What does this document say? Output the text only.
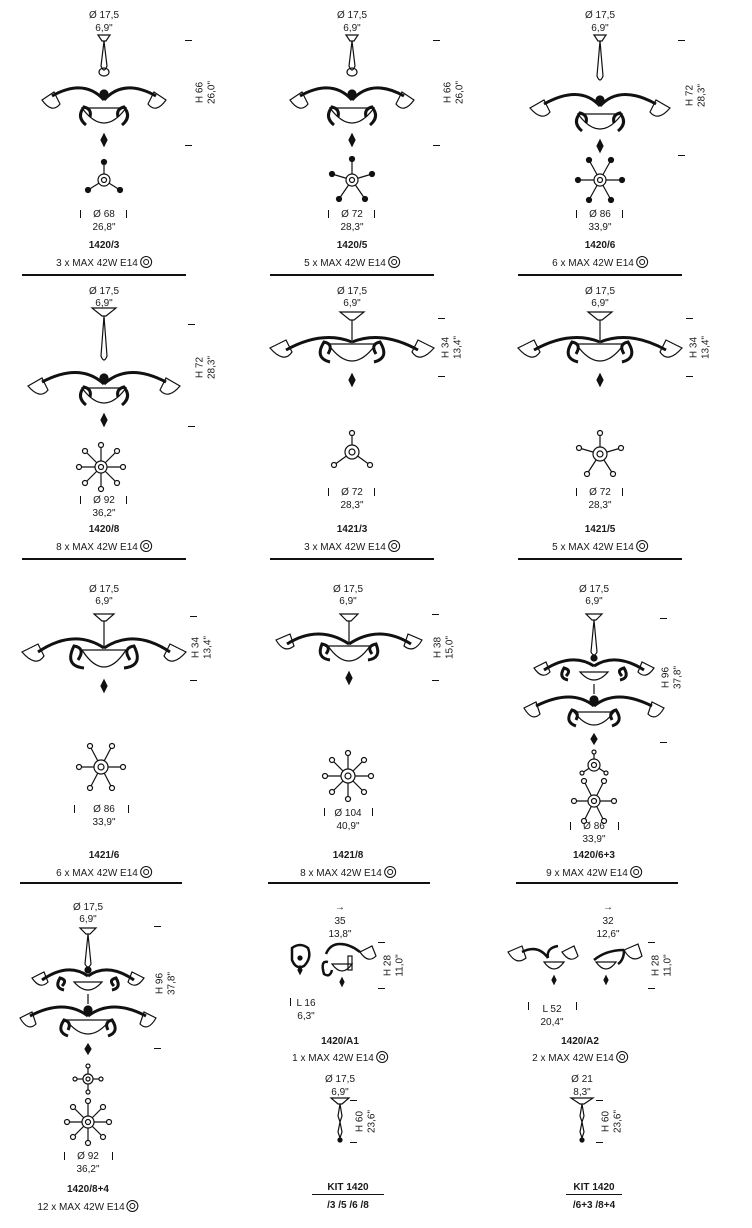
Ø 17,5
6,9"
H 66 26,0"
Ø 68
26,8"
1420/3
3 x MAX 42W E14
Ø 17,5
6,9"
H 66 26,0"
Ø 72
28,3"
1420/5
5 x MAX 42W E14
Ø 17,5
6,9"
H 72 28,3"
Ø 86
33,9"
1420/6
6 x MAX 42W E14
Ø 17,5
6,9"
H 72 28,3"
Ø 92
36,2"
1420/8
8 x MAX 42W E14
Ø 17,5
6,9"
H 34 13,4"
Ø 72
28,3"
1421/3
3 x MAX 42W E14
Ø 17,5
6,9"
H 34 13,4"
Ø 72
28,3"
1421/5
5 x MAX 42W E14
Ø 17,5
6,9"
H 34 13,4"
Ø 86
33,9"
1421/6
6 x MAX 42W E14
Ø 17,5
6,9"
H 38 15,0"
Ø 104
40,9"
1421/8
8 x MAX 42W E14
Ø 17,5
6,9"
H 96 37,8"
Ø 86
33,9"
1420/6+3
9 x MAX 42W E14
Ø 17,5
6,9"
H 96 37,8"
Ø 92
36,2"
1420/8+4
12 x MAX 42W E14
→
35
13,8"
H 28 11,0"
L 16
6,3"
1420/A1
1 x MAX 42W E14
Ø 17,5
6,9"
H 60 23,6"
KIT 1420
/3 /5 /6 /8
→
32
12,6"
H 28 11,0"
L 52
20,4"
1420/A2
2 x MAX 42W E14
Ø 21
8,3"
H 60 23,6"
KIT 1420
/6+3 /8+4
